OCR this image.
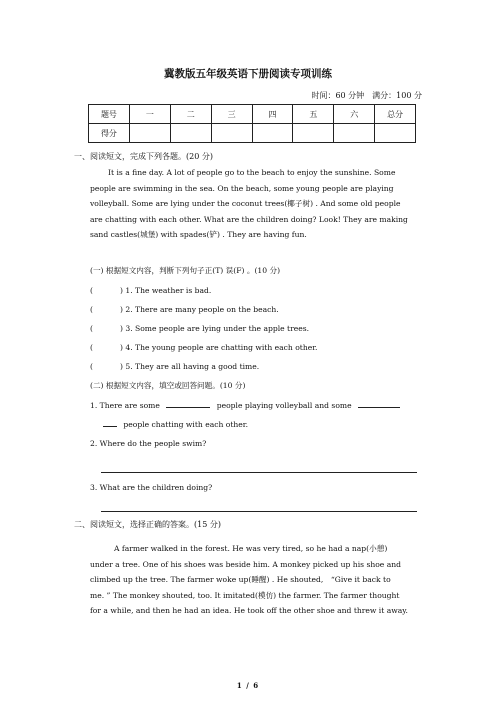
冀教版五年级英语下册阅读专项训练
时间：60 分钟　满分：100 分
题号	一	二	三	四	五	六	总分
得分							
一、阅读短文，完成下列各题。(20 分)
It is a fine day. A lot of people go to the beach to enjoy the sunshine. Some
people are swimming in the sea. On the beach, some young people are playing
volleyball. Some are lying under the coconut trees(椰子树) . And some old people
are chatting with each other. What are the children doing? Look! They are making
sand castles(城堡) with spades(铲) . They are having fun.
(一) 根据短文内容，判断下列句子正(T) 误(F) 。(10 分)
(	) 1. The weather is bad.
(	) 2. There are many people on the beach.
(	) 3. Some people are lying under the apple trees.
(	) 4. The young people are chatting with each other.
(	) 5. They are all having a good time.
(二) 根据短文内容，填空或回答问题。(10 分)
1. There are some	people playing volleyball and some
people chatting with each other.
2. Where do the people swim?
3. What are the children doing?
二、阅读短文，选择正确的答案。(15 分)
A farmer walked in the forest. He was very tired, so he had a nap(小憩)
under a tree. One of his shoes was beside him. A monkey picked up his shoe and
climbed up the tree. The farmer woke up(睡醒) . He shouted,　“Give it back to
me. ” The monkey shouted, too. It imitated(模仿) the farmer. The farmer thought
for a while, and then he had an idea. He took off the other shoe and threw it away.
1 / 6
